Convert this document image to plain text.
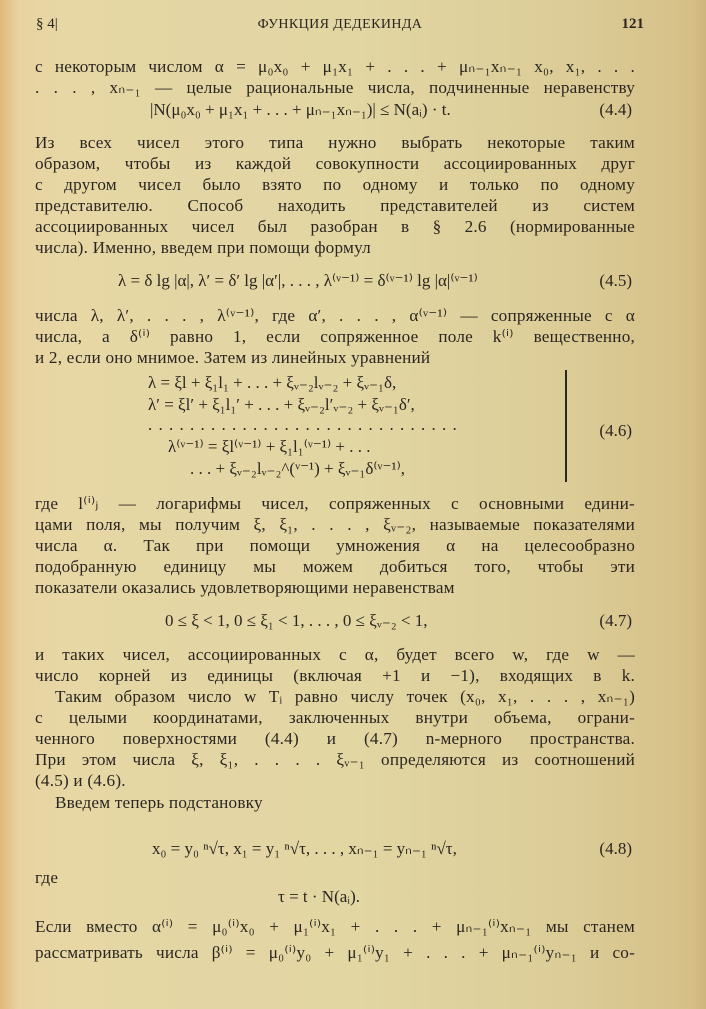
§ 4|	ФУНКЦИЯ ДЕДЕКИНДА	121
с некоторым числом α = μ₀x₀ + μ₁x₁ + . . . + μₙ₋₁xₙ₋₁ x₀, x₁, . . .
. . . , xₙ₋₁ — целые рациональные числа, подчиненные неравенству
|N(μ₀x₀ + μ₁x₁ + . . . + μₙ₋₁xₙ₋₁)| ≤ N(aᵢ) · t.	(4.4)
Из всех чисел этого типа нужно выбрать некоторые таким
образом, чтобы из каждой совокупности ассоциированных друг
с другом чисел было взято по одному и только по одному
представителю. Способ находить представителей из систем
ассоциированных чисел был разобран в § 2.6 (нормированные
числа). Именно, введем при помощи формул
λ = δ lg |α|, λ′ = δ′ lg |α′|, . . . , λ⁽ᵛ⁻¹⁾ = δ⁽ᵛ⁻¹⁾ lg |α|⁽ᵛ⁻¹⁾	(4.5)
числа λ, λ′, . . . , λ⁽ᵛ⁻¹⁾, где α′, . . . , α⁽ᵛ⁻¹⁾ — сопряженные с α
числа, а δ⁽ⁱ⁾ равно 1, если сопряженное поле k⁽ⁱ⁾ вещественно,
и 2, если оно мнимое. Затем из линейных уравнений
λ = ξl + ξ₁l₁ + . . . + ξᵥ₋₂lᵥ₋₂ + ξᵥ₋₁δ,
λ′ = ξl′ + ξ₁l₁′ + . . . + ξᵥ₋₂l′ᵥ₋₂ + ξᵥ₋₁δ′,
. . . . . . . . . . . . . . . . . . . . . . . . . . . . . .
λ⁽ᵛ⁻¹⁾ = ξl⁽ᵛ⁻¹⁾ + ξ₁l₁⁽ᵛ⁻¹⁾ + . . .
. . . + ξᵥ₋₂lᵥ₋₂^(ᵛ⁻¹) + ξᵥ₋₁δ⁽ᵛ⁻¹⁾,
(4.6)
где l⁽ⁱ⁾ⱼ — логарифмы чисел, сопряженных с основными едини-
цами поля, мы получим ξ, ξ₁, . . . , ξᵥ₋₂, называемые показателями
числа α. Так при помощи умножения α на целесообразно
подобранную единицу мы можем добиться того, чтобы эти
показатели оказались удовлетворяющими неравенствам
0 ≤ ξ < 1, 0 ≤ ξ₁ < 1, . . . , 0 ≤ ξᵥ₋₂ < 1,	(4.7)
и таких чисел, ассоциированных с α, будет всего w, где w —
число корней из единицы (включая +1 и −1), входящих в k.
Таким образом число w Tᵢ равно числу точек (x₀, x₁, . . . , xₙ₋₁)
с целыми координатами, заключенных внутри объема, ограни-
ченного поверхностями (4.4) и (4.7) n-мерного пространства.
При этом числа ξ, ξ₁, . . . . ξᵥ₋₁ определяются из соотношений
(4.5) и (4.6).
Введем теперь подстановку
x₀ = y₀ ⁿ√τ, x₁ = y₁ ⁿ√τ, . . . , xₙ₋₁ = yₙ₋₁ ⁿ√τ,	(4.8)
где
τ = t · N(aᵢ).
Если вместо α⁽ⁱ⁾ = μ₀⁽ⁱ⁾x₀ + μ₁⁽ⁱ⁾x₁ + . . . + μₙ₋₁⁽ⁱ⁾xₙ₋₁ мы станем
рассматривать числа β⁽ⁱ⁾ = μ₀⁽ⁱ⁾y₀ + μ₁⁽ⁱ⁾y₁ + . . . + μₙ₋₁⁽ⁱ⁾yₙ₋₁ и со-
